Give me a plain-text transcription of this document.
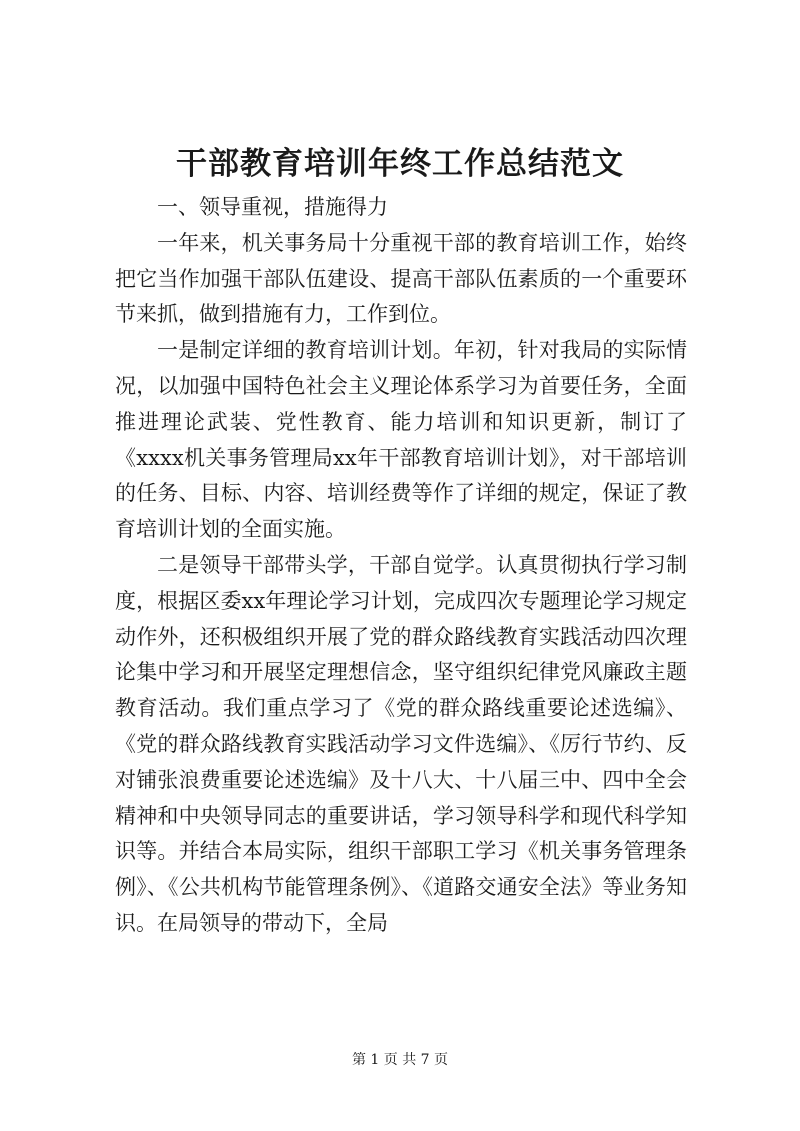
干部教育培训年终工作总结范文

一、领导重视，措施得力

一年来，机关事务局十分重视干部的教育培训工作，始终把它当作加强干部队伍建设、提高干部队伍素质的一个重要环节来抓，做到措施有力，工作到位。

一是制定详细的教育培训计划。年初，针对我局的实际情况，以加强中国特色社会主义理论体系学习为首要任务，全面推进理论武装、党性教育、能力培训和知识更新，制订了《xxxx机关事务管理局xx年干部教育培训计划》，对干部培训的任务、目标、内容、培训经费等作了详细的规定，保证了教育培训计划的全面实施。

二是领导干部带头学，干部自觉学。认真贯彻执行学习制度，根据区委xx年理论学习计划，完成四次专题理论学习规定动作外，还积极组织开展了党的群众路线教育实践活动四次理论集中学习和开展坚定理想信念，坚守组织纪律党风廉政主题教育活动。我们重点学习了《党的群众路线重要论述选编》、《党的群众路线教育实践活动学习文件选编》、《厉行节约、反对铺张浪费重要论述选编》及十八大、十八届三中、四中全会精神和中央领导同志的重要讲话，学习领导科学和现代科学知识等。并结合本局实际，组织干部职工学习《机关事务管理条例》、《公共机构节能管理条例》、《道路交通安全法》等业务知识。在局领导的带动下，全局

第 1 页 共 7 页
